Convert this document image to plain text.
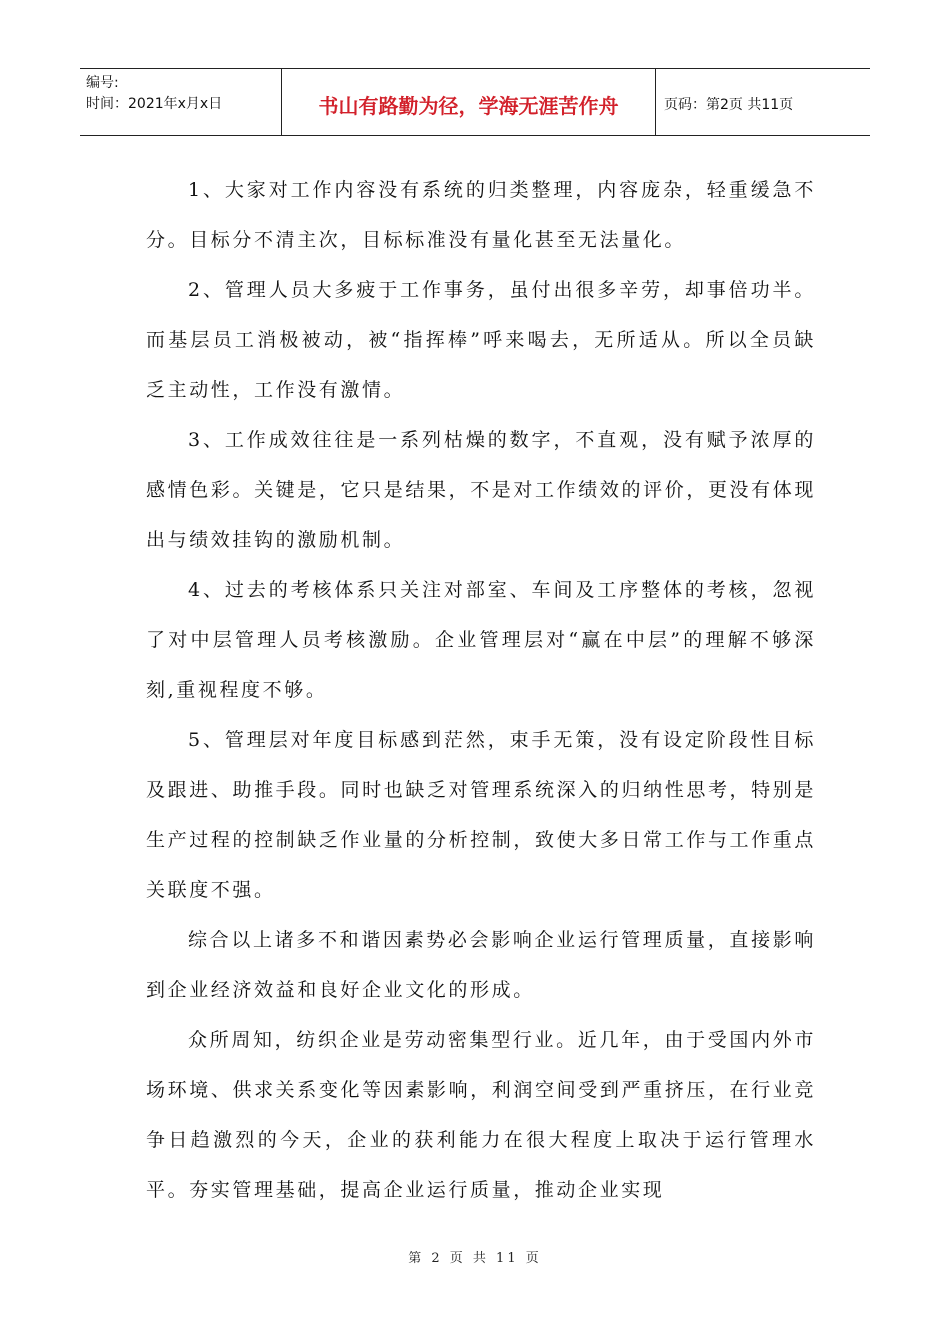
编号:
时间：2021年x月x日	书山有路勤为径，学海无涯苦作舟	页码：第2页 共11页

1、大家对工作内容没有系统的归类整理，内容庞杂，轻重缓急不分。目标分不清主次，目标标准没有量化甚至无法量化。

2、管理人员大多疲于工作事务，虽付出很多辛劳，却事倍功半。而基层员工消极被动，被“指挥棒”呼来喝去，无所适从。所以全员缺乏主动性，工作没有激情。

3、工作成效往往是一系列枯燥的数字，不直观，没有赋予浓厚的感情色彩。关键是，它只是结果，不是对工作绩效的评价，更没有体现出与绩效挂钩的激励机制。

4、过去的考核体系只关注对部室、车间及工序整体的考核，忽视了对中层管理人员考核激励。企业管理层对“赢在中层”的理解不够深刻,重视程度不够。

5、管理层对年度目标感到茫然，束手无策，没有设定阶段性目标及跟进、助推手段。同时也缺乏对管理系统深入的归纳性思考，特别是生产过程的控制缺乏作业量的分析控制，致使大多日常工作与工作重点关联度不强。

综合以上诸多不和谐因素势必会影响企业运行管理质量，直接影响到企业经济效益和良好企业文化的形成。

众所周知，纺织企业是劳动密集型行业。近几年，由于受国内外市场环境、供求关系变化等因素影响，利润空间受到严重挤压，在行业竞争日趋激烈的今天，企业的获利能力在很大程度上取决于运行管理水平。夯实管理基础，提高企业运行质量，推动企业实现

第 2 页 共 11 页
